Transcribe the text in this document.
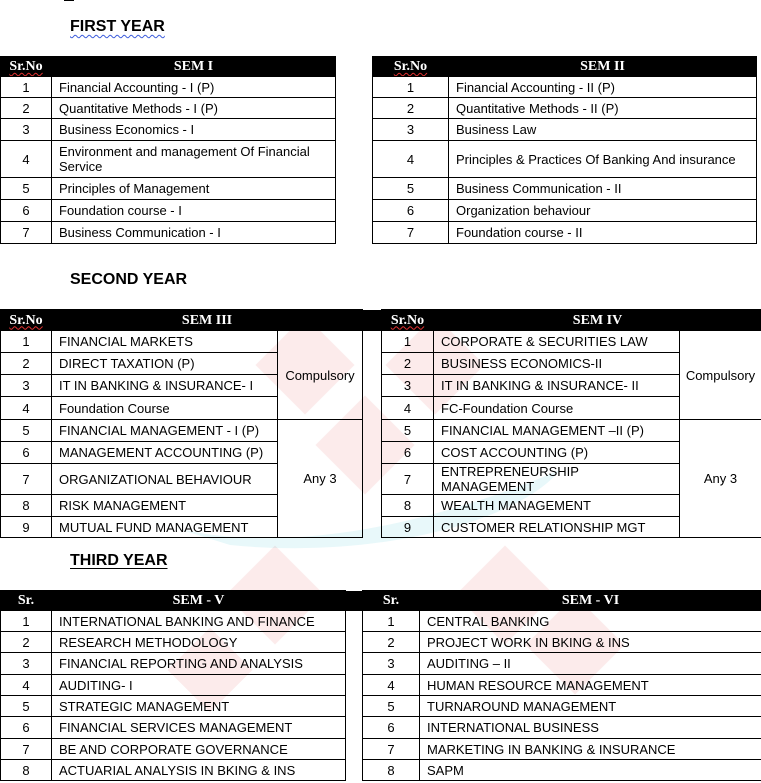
FIRST YEAR
Sr.No	SEM I		Sr.No	SEM II
1	Financial Accounting - I (P)		1	Financial Accounting - II (P)
2	Quantitative Methods - I (P)		2	Quantitative Methods - II (P)
3	Business Economics - I		3	Business Law
4	Environment and management Of Financial Service		4	Principles & Practices Of Banking And insurance
5	Principles of Management		5	Business Communication - II
6	Foundation course - I		6	Organization behaviour
7	Business Communication - I		7	Foundation course - II
SECOND YEAR
Sr.No	SEM III			Sr.No	SEM IV	
1	FINANCIAL MARKETS	Compulsory		1	CORPORATE & SECURITIES LAW	Compulsory
2	DIRECT TAXATION (P)			2	BUSINESS ECONOMICS-II	
3	IT IN BANKING & INSURANCE- I			3	IT IN BANKING & INSURANCE- II	
4	Foundation Course			4	FC-Foundation Course	
5	FINANCIAL MANAGEMENT - I (P)	Any 3		5	FINANCIAL MANAGEMENT –II (P)	Any 3
6	MANAGEMENT ACCOUNTING (P)			6	COST ACCOUNTING (P)	
7	ORGANIZATIONAL BEHAVIOUR			7	ENTREPRENEURSHIP MANAGEMENT	
8	RISK MANAGEMENT			8	WEALTH MANAGEMENT	
9	MUTUAL FUND MANAGEMENT			9	CUSTOMER RELATIONSHIP MGT	
THIRD YEAR
Sr.	SEM - V		Sr.	SEM - VI
1	INTERNATIONAL BANKING AND FINANCE		1	CENTRAL BANKING
2	RESEARCH METHODOLOGY		2	PROJECT WORK IN BKING & INS
3	FINANCIAL REPORTING AND ANALYSIS		3	AUDITING – II
4	AUDITING- I		4	HUMAN RESOURCE MANAGEMENT
5	STRATEGIC MANAGEMENT		5	TURNAROUND MANAGEMENT
6	FINANCIAL SERVICES MANAGEMENT		6	INTERNATIONAL BUSINESS
7	BE AND CORPORATE GOVERNANCE		7	MARKETING IN BANKING & INSURANCE
8	ACTUARIAL ANALYSIS IN BKING & INS		8	SAPM
